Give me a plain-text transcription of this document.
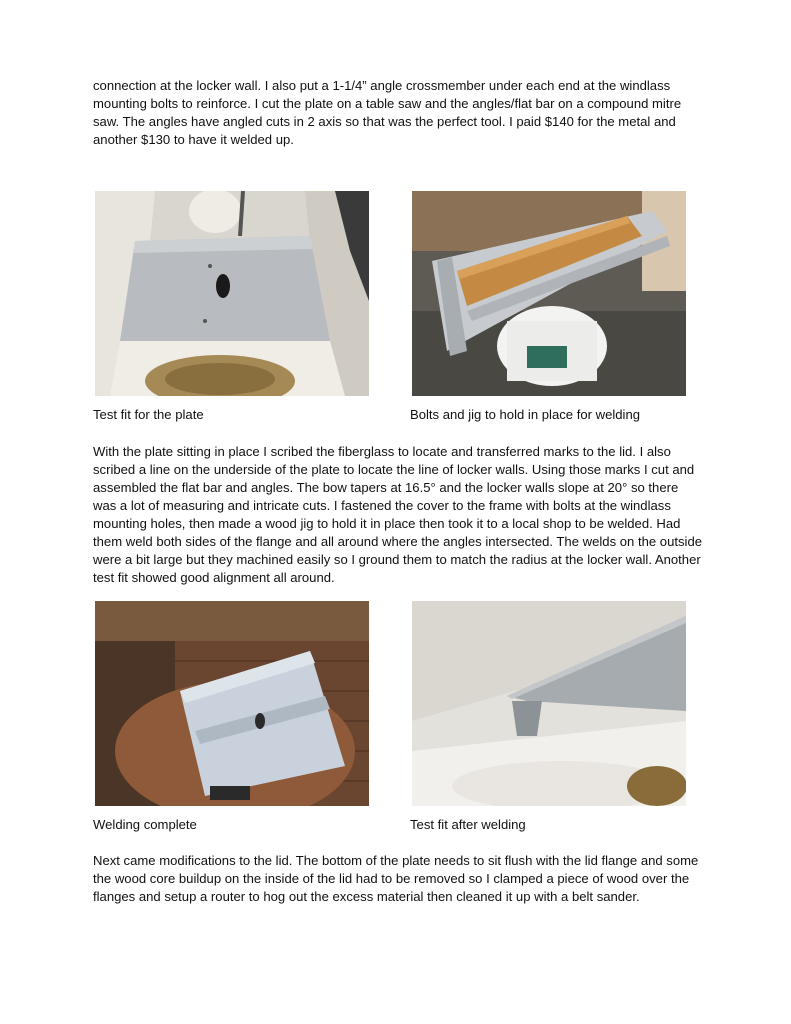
connection at the locker wall. I also put a 1-1/4” angle crossmember under each end at the windlass mounting bolts to reinforce. I cut the plate on a table saw and the angles/flat bar on a compound mitre saw. The angles have angled cuts in 2 axis so that was the perfect tool. I paid $140 for the metal and another $130 to have it welded up.

Test fit for the plate	Bolts and jig to hold in place for welding

With the plate sitting in place I scribed the fiberglass to locate and transferred marks to the lid. I also scribed a line on the underside of the plate to locate the line of locker walls. Using those marks I cut and assembled the flat bar and angles. The bow tapers at 16.5° and the locker walls slope at 20° so there was a lot of measuring and intricate cuts. I fastened the cover to the frame with bolts at the windlass mounting holes, then made a wood jig to hold it in place then took it to a local shop to be welded. Had them weld both sides of the flange and all around where the angles intersected. The welds on the outside were a bit large but they machined easily so I ground them to match the radius at the locker wall. Another test fit showed good alignment all around.

Welding complete	Test fit after welding

Next came modifications to the lid. The bottom of the plate needs to sit flush with the lid flange and some the wood core buildup on the inside of the lid had to be removed so I clamped a piece of wood over the flanges and setup a router to hog out the excess material then cleaned it up with a belt sander.
